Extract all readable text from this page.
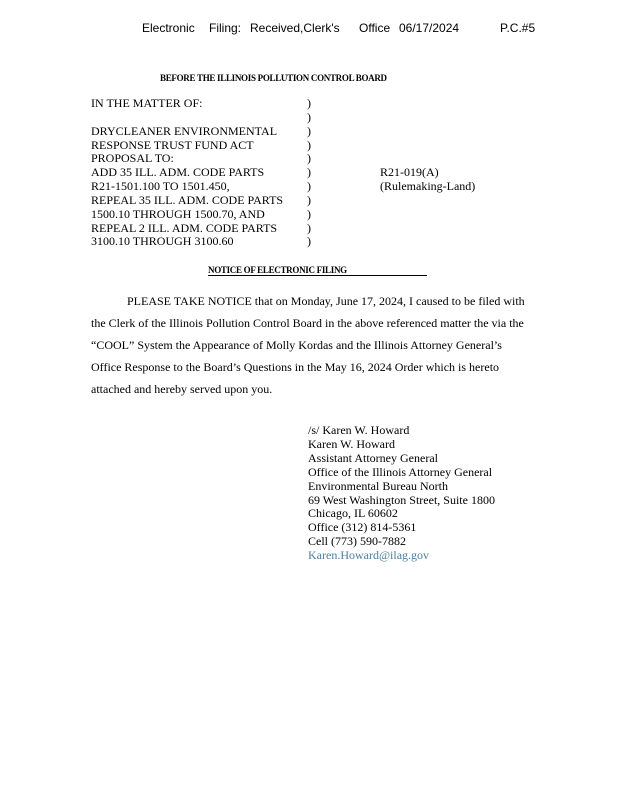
Electronic Filing: Received,Clerk's Office 06/17/2024	P.C.#5
BEFORE THE ILLINOIS POLLUTION CONTROL BOARD
IN THE MATTER OF:
DRYCLEANER ENVIRONMENTAL
RESPONSE TRUST FUND ACT
PROPOSAL TO:
ADD 35 ILL. ADM. CODE PARTS
R21-1501.100 TO 1501.450,
REPEAL 35 ILL. ADM. CODE PARTS
1500.10 THROUGH 1500.70, AND
REPEAL 2 ILL. ADM. CODE PARTS
3100.10 THROUGH 3100.60
)
)
)
)
)
)
)
)
)
)
)
R21-019(A)
(Rulemaking-Land)
NOTICE OF ELECTRONIC FILING
PLEASE TAKE NOTICE that on Monday, June 17, 2024, I caused to be filed with
the Clerk of the Illinois Pollution Control Board in the above referenced matter the via the
“COOL” System the Appearance of Molly Kordas and the Illinois Attorney General’s
Office Response to the Board’s Questions in the May 16, 2024 Order which is hereto
attached and hereby served upon you.
/s/ Karen W. Howard
Karen W. Howard
Assistant Attorney General
Office of the Illinois Attorney General
Environmental Bureau North
69 West Washington Street, Suite 1800
Chicago, IL 60602
Office (312) 814-5361
Cell (773) 590-7882
Karen.Howard@ilag.gov
